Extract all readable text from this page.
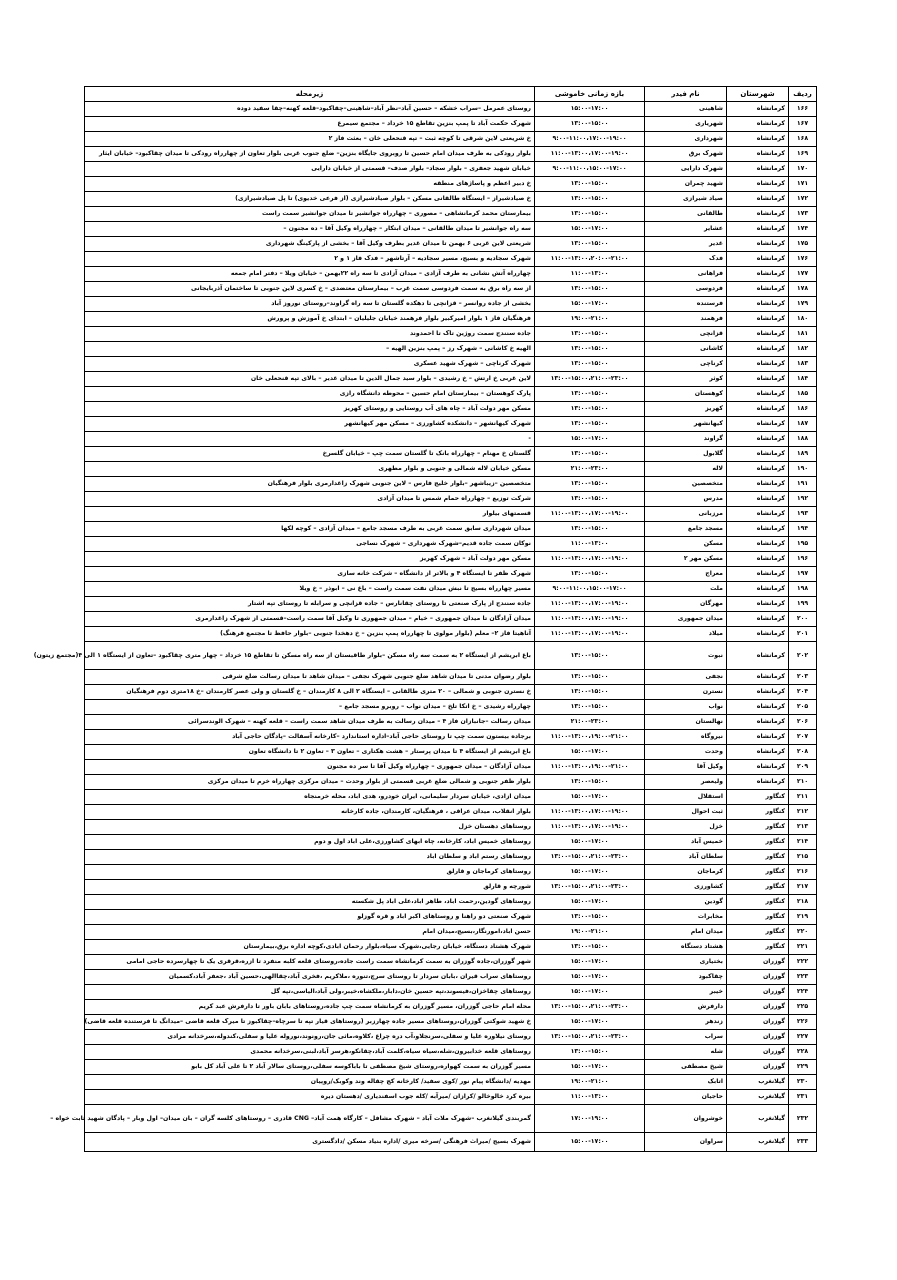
ردیف	شهرستان	نام فیدر	بازه زمانی خاموشی	زیرمحله
۱۶۶	کرمانشاه	شاهینی	۱۵:۰۰-۱۷:۰۰	روستای عمرمل –سراب خشکه – حسین آباد–نظر آباد–شاهینی–چقاکبود–قلعه کهنه–چقا سفید دوده
۱۶۷	کرمانشاه	شهریاری	۱۳:۰۰-۱۵:۰۰	شهرک حکمت آباد تا پمپ بنزین تقاطع ۱۵ خرداد – مجتمع سیمرغ
۱۶۸	کرمانشاه	شهرداری	۹:۰۰-۱۱:۰۰،۱۷:۰۰-۱۹:۰۰	خ شریعتی لاین شرقی تا کوچه ثبت – تپه قنحعلی خان – بعثت فاز ۲
۱۶۹	کرمانشاه	شهرک برق	۱۱:۰۰-۱۳:۰۰،۱۷:۰۰-۱۹:۰۰	بلوار رودکی به طرف میدان امام حسین تا روبروی جایگاه بنزین– ضلع جنوب غربی بلوار تعاون از چهارراه رودکی تا میدان چقاکبود– خیابان ایثار
۱۷۰	کرمانشاه	شهرک دارایی	۹:۰۰-۱۱:۰۰،۱۵:۰۰-۱۷:۰۰	خیابان شهید جعفری – بلوار سجاد– بلوار صدف– قسمتی از خیابان دارایی
۱۷۱	کرمانشاه	شهید چمران	۱۳:۰۰-۱۵:۰۰	خ دبیر اعظم و پاساژهای منطقه
۱۷۲	کرمانشاه	صیاد شیرازی	۱۳:۰۰-۱۵:۰۰	خ صیادشیراز – ایستگاه طالقانی مسکن – بلوار صیادشیرازی (از فرعی خدیوی) تا پل صیادشیرازی)
۱۷۳	کرمانشاه	طالقانی	۱۳:۰۰-۱۵:۰۰	بیمارستان محمد کرمانشاهی – مصوری – چهارراه جوانشیر تا میدان جوانشیر سمت راست
۱۷۴	کرمانشاه	عشایر	۱۵:۰۰-۱۷:۰۰	سه راه جوانشیر تا میدان طالقانی – میدان ابتکار – چهارراه وکیل آقا – ده مجنون –
۱۷۵	کرمانشاه	غدیر	۱۳:۰۰-۱۵:۰۰	شریعتی لاین غربی ۶ بهمن تا میدان غدیر بطرف وکیل آقا – بخشی از پارکینگ شهرداری
۱۷۶	کرمانشاه	فدک	۱۱:۰۰-۱۳:۰۰،۲۰:۰۰-۲۱:۰۰	شهرک سجادیه و بسیج، مسیر سجادیه – آرتاشهر – فدک فاز ۱ و ۲
۱۷۷	کرمانشاه	فراهانی	۱۱:۰۰-۱۳:۰۰	چهارراه آتش نشانی به طرف آزادی – میدان آزادی تا سه راه ۲۲بهمن – خیابان ویلا – دفتر امام جمعه
۱۷۸	کرمانشاه	فردوسی	۱۳:۰۰-۱۵:۰۰	از سه راه برق به سمت فردوسی سمت غرب – بیمارستان معتضدی – خ کسری لاین جنوبی تا ساختمان آذربایجانی
۱۷۹	کرمانشاه	فرستنده	۱۵:۰۰-۱۷:۰۰	بخشی از جاده روانسر – قزانچی تا دهکده گلستان تا سه راه گراوند–روستای نوروز آباد
۱۸۰	کرمانشاه	فرهمند	۱۹:۰۰-۲۱:۰۰	فرهنگیان فاز ۱ بلوار امیرکبیر بلوار فرهمند خیابان جلیلیان – ابتدای خ آموزش و پرورش
۱۸۱	کرمانشاه	قزانچی	۱۳:۰۰-۱۵:۰۰	جاده سنندج سمت روژین تاک تا احمدوند
۱۸۲	کرمانشاه	کاشانی	۱۳:۰۰-۱۵:۰۰	الهیه خ کاشانی – شهرک رز – پمپ بنزین الهیه –
۱۸۳	کرمانشاه	کرناچی	۱۳:۰۰-۱۵:۰۰	شهرک کرناچی – شهرک شهید عسکری
۱۸۴	کرمانشاه	کوثر	۱۳:۰۰-۱۵:۰۰،۲۱:۰۰-۲۳:۰۰	لاین غربی خ ارتش – خ رشیدی – بلوار سید جمال الدین تا میدان غدیر – بالای تپه قنحعلی خان
۱۸۵	کرمانشاه	کوهستان	۱۳:۰۰-۱۵:۰۰	پارک کوهستان – بیمارستان امام حسین – محوطه دانشگاه رازی
۱۸۶	کرمانشاه	کهریز	۱۳:۰۰-۱۵:۰۰	مسکن مهر دولت آباد – چاه های آب روستایی و روستای کهریز
۱۸۷	کرمانشاه	کیهانشهر	۱۳:۰۰-۱۵:۰۰	شهرک کیهانشهر – دانشکده کشاورزی – مسکن مهر کیهانشهر
۱۸۸	کرمانشاه	گراوند	۱۵:۰۰-۱۷:۰۰	-
۱۸۹	کرمانشاه	گلابول	۱۳:۰۰-۱۵:۰۰	گلستان خ مهنام – چهارراه بانک تا گلستان سمت چپ – خیابان گلسرخ
۱۹۰	کرمانشاه	لاله	۲۱:۰۰-۲۳:۰۰	مسکن خیابان لاله شمالی و جنوبی و بلوار مطهری
۱۹۱	کرمانشاه	متخصصین	۱۳:۰۰-۱۵:۰۰	متخصصین –زیباشهر –بلوار خلیج فارس – لاین جنوبی شهرک زاغدارمری بلوار فرهنگیان
۱۹۲	کرمانشاه	مدرس	۱۳:۰۰-۱۵:۰۰	شرکت توزیع – چهارراه حمام شمس تا میدان آزادی
۱۹۳	کرمانشاه	مرزبانی	۱۱:۰۰-۱۳:۰۰،۱۷:۰۰-۱۹:۰۰	قسمتهای بیلوار
۱۹۴	کرمانشاه	مسجد جامع	۱۳:۰۰-۱۵:۰۰	میدان شهرداری سابق سمت غربی به طرف مسجد جامع – میدان آزادی – کوچه لکها
۱۹۵	کرمانشاه	مسکن	۱۱:۰۰-۱۳:۰۰	نوکان سمت جاده قدیم–شهرک شهرداری – شهرک نساجی
۱۹۶	کرمانشاه	مسکن مهر ۲	۱۱:۰۰-۱۳:۰۰،۱۷:۰۰-۱۹:۰۰	مسکن مهر دولت آباد – شهرک کهریز
۱۹۷	کرمانشاه	معراج	۱۳:۰۰-۱۵:۰۰	شهرک ظفر تا ایستگاه ۴ و بالاتر از دانشگاه – شرکت خانه سازی
۱۹۸	کرمانشاه	ملت	۹:۰۰-۱۱:۰۰،۱۵:۰۰-۱۷:۰۰	مسیر چهارراه بسیج تا نبش میدان نفت سمت راست – باغ نی – ابوذر – خ ویلا
۱۹۹	کرمانشاه	مهرگان	۱۱:۰۰-۱۳:۰۰،۱۷:۰۰-۱۹:۰۰	جاده سنندج از پارک صنعتی تا روستای چقانارس – جاده قزانچی و سرابله تا روستای تپه اشتار
۲۰۰	کرمانشاه	میدان جمهوری	۱۱:۰۰-۱۳:۰۰،۱۷:۰۰-۱۹:۰۰	میدان آزادگان تا میدان جمهوری – خیام – میدان جمهوری تا وکیل آقا سمت راست–قسمتی از شهرک زاغدارمری
۲۰۱	کرمانشاه	میلاد	۱۱:۰۰-۱۳:۰۰،۱۷:۰۰-۱۹:۰۰	آناهیتا فاز ۲– معلم (بلوار مولوی تا چهارراه پمپ بنزین – خ دهخدا جنوبی –بلوار حافظ تا مجتمع فرهنگ)
۲۰۲	کرمانشاه	نبوت	۱۳:۰۰-۱۵:۰۰	باغ ابریشم از ایستگاه ۲ به سمت سه راه مسکن –بلوار طاقبستان از سه راه مسکن تا تقاطع ۱۵ خرداد – چهار متری چقاکبود –تعاون از ایستگاه ۱ الی ۴(مجتمع زیتون)
۲۰۳	کرمانشاه	نجفی	۱۳:۰۰-۱۵:۰۰	بلوار رضوان مدنی تا میدان شاهد ضلع جنوبی شهرک نجفی – میدان شاهد تا میدان رسالت ضلع شرقی
۲۰۴	کرمانشاه	نسترن	۱۳:۰۰-۱۵:۰۰	خ نسترن جنوبی و شمالی – ۲۰ متری طالقانی – ایستگاه ۲ الی ۸ کارمندان – خ گلستان و ولی عصر کارمندان –خ ۱۸متری دوم فرهنگیان
۲۰۵	کرمانشاه	نواب	۱۳:۰۰-۱۵:۰۰	چهارراه رشیدی – خ اتکا تلخ – میدان نواب – روبرو مسجد جامع –
۲۰۶	کرمانشاه	نهالستان	۲۱:۰۰-۲۳:۰۰	میدان رسالت –جانبازان فاز ۴ – میدان رسالت به طرف میدان شاهد سمت راست – قلعه کهنه – شهرک الوندسرائی
۲۰۷	کرمانشاه	نیروگاه	۱۱:۰۰-۱۳:۰۰،۱۹:۰۰-۲۱:۰۰	برجاده بیستون سمت چپ تا روستای حاجی آباد–اداره استاندارد –کارخانه آسفالت –پادگان حاجی آباد
۲۰۸	کرمانشاه	وحدت	۱۵:۰۰-۱۷:۰۰	باغ ابریشم از ایستگاه ۴ تا میدان پرستار – هشت هکتاری – تعاون ۳ – تعاون ۲ تا دانشگاه تعاون
۲۰۹	کرمانشاه	وکیل آقا	۱۱:۰۰-۱۳:۰۰،۱۹:۰۰-۲۱:۰۰	میدان آزادگان – میدان جمهوری – چهارراه وکیل آقا تا سر ده مجنون
۲۱۰	کرمانشاه	ولیعصر	۱۳:۰۰-۱۵:۰۰	بلوار ظفر جنوبی و شمالی ضلع غربی قسمتی از بلوار وحدت – میدان مرکزی چهارراه خرم تا میدان مرکزی
۲۱۱	کنگاور	استقلال	۱۵:۰۰-۱۷:۰۰	میدان ازادی، خیابان سردار سلیمانی، ایران خودرو، هدی اباد، محله خرمنجاه
۲۱۲	کنگاور	ثبت احوال	۱۱:۰۰-۱۳:۰۰،۱۷:۰۰-۱۹:۰۰	بلوار انقلاب، میدان عراقی ، فرهنگیان، کارمندان، جاده کارخانه
۲۱۳	کنگاور	خزل	۱۱:۰۰-۱۳:۰۰،۱۷:۰۰-۱۹:۰۰	روستاهای دهستان خزل
۲۱۴	کنگاور	خمیس آباد	۱۵:۰۰-۱۷:۰۰	روستاهای خمیس اباد، کارخانه، چاه ابهای کشاورزی،علی اباد اول و دوم
۲۱۵	کنگاور	سلطان آباد	۱۳:۰۰-۱۵:۰۰،۲۱:۰۰-۲۳:۰۰	روستاهای رستم اباد و سلطان اباد
۲۱۶	کنگاور	کرماجان	۱۵:۰۰-۱۷:۰۰	روستاهای کرماجان و قارلق
۲۱۷	کنگاور	کشاورزی	۱۳:۰۰-۱۵:۰۰،۲۱:۰۰-۲۳:۰۰	شورچه و قارلق
۲۱۸	کنگاور	گودین	۱۵:۰۰-۱۷:۰۰	روستاهای گودین،رحمت اباد، طاهر اباد،علی اباد پل شکسته
۲۱۹	کنگاور	مخابرات	۱۳:۰۰-۱۵:۰۰	شهرک صنعتی دو راهنا و روستاهای اکبر اباد و قره گوزلو
۲۲۰	کنگاور	میدان امام	۱۹:۰۰-۲۱:۰۰	حسن اباد،امورنگار،بسیج،میدان امام
۲۲۱	کنگاور	هشتاد دستگاه	۱۳:۰۰-۱۵:۰۰	شهرک هشتاد دستگاه، خیابان رجایی،شهرک سیاه،بلوار رحمان ابادی،کوچه اداره برق،بیمارستان
۲۲۲	گوزران	بختیاری	۱۵:۰۰-۱۷:۰۰	شهر گوزران،جاده گوزران به سمت کرمانشاه سمت راست جاده،روستای قلعه کلبه منفرد تا ازره،قرقری یک تا چهارسرده حاجی امامی
۲۲۳	گوزران	چقاکبود	۱۵:۰۰-۱۷:۰۰	روستاهای سراب قیران ،بابان سردار تا روستای سرچ،تنوره ،ملاکریم ،فخری آباد،چقاالهی،حسین آباد ،جعفر آباد،کسمیان
۲۲۴	گوزران	خیبر	۱۵:۰۰-۱۷:۰۰	روستاهای چقاخزان،فیسوند،تپه حسین خان،دابار،ملکشاه،خیبر،ولی آباد،الیاسی،تپه گل
۲۲۵	گوزران	دارفرش	۱۳:۰۰-۱۵:۰۰،۲۱:۰۰-۲۳:۰۰	محله امام حاجی گوزران، مسیر گوزران به کرمانشاه سمت چپ جاده،روستاهای بابان باور تا دارفرش عبد کریم
۲۲۶	گوزران	زندهر	۱۵:۰۰-۱۷:۰۰	خ شهید شوکتی گوزران،روستاهای مسیر جاده چهارزبر (روستاهای قیار تپه تا سرچاه–چقاکبوز تا میرک قلعه قاضی –میدانگ تا فرستنده قلعه قاضی)
۲۲۷	گوزران	سراب	۱۳:۰۰-۱۵:۰۰،۲۱:۰۰-۲۳:۰۰	روستای نیلاوره علیا و سفلی،سرنجلاو،آب دره چراغ ،کلاوه،ماثی جان،رونوند،نوروله علیا و سفلی،کندوله،سرخدانه مرادی
۲۲۸	گوزران	شله	۱۳:۰۰-۱۵:۰۰	روستاهای قلعه خدابیرون،شله،سیاه سیاه،کلمت آباد،چقانکو،هرسر آباد،لبنی،سرخدانه محمدی
۲۲۹	گوزران	شیخ مصطفی	۱۵:۰۰-۱۷:۰۰	مسیر گوزران به سمت کهواره،روستای شیخ مصطفی تا باباکوسه سفلی،روستای سالار آباد ۲ تا علی آباد کل بابو
۲۳۰	گیلانغرب	اتابک	۱۹:۰۰-۲۱:۰۰	مهدیه /دانشگاه پیام نور /کوی سفید/ کارخانه کج چقاله وند وکوبک/روپیان
۲۳۱	گیلانغرب	حاجیان	۱۱:۰۰-۱۳:۰۰	بیره کرد خالوخالو /کرازان /میرآبه /کله جوب اسفندیاری /دهستان دیره
۲۳۲	گیلانغرب	خوشروان	۱۷:۰۰-۱۹:۰۰	گمربندی گیلانغرب –شهرک ملات آباد – شهرک مشافل – کارگاه همت آباد– CNG قادری – روستاهای کلسه گران – بان میدان– اول وبار – پادگان شهید ثابت خواه –
۲۳۳	گیلانغرب	سراوان	۱۵:۰۰-۱۷:۰۰	شهرک بسیج /میراث فرهنگی /سرخه میری /اداره بنیاد مسکن /دادگستری
